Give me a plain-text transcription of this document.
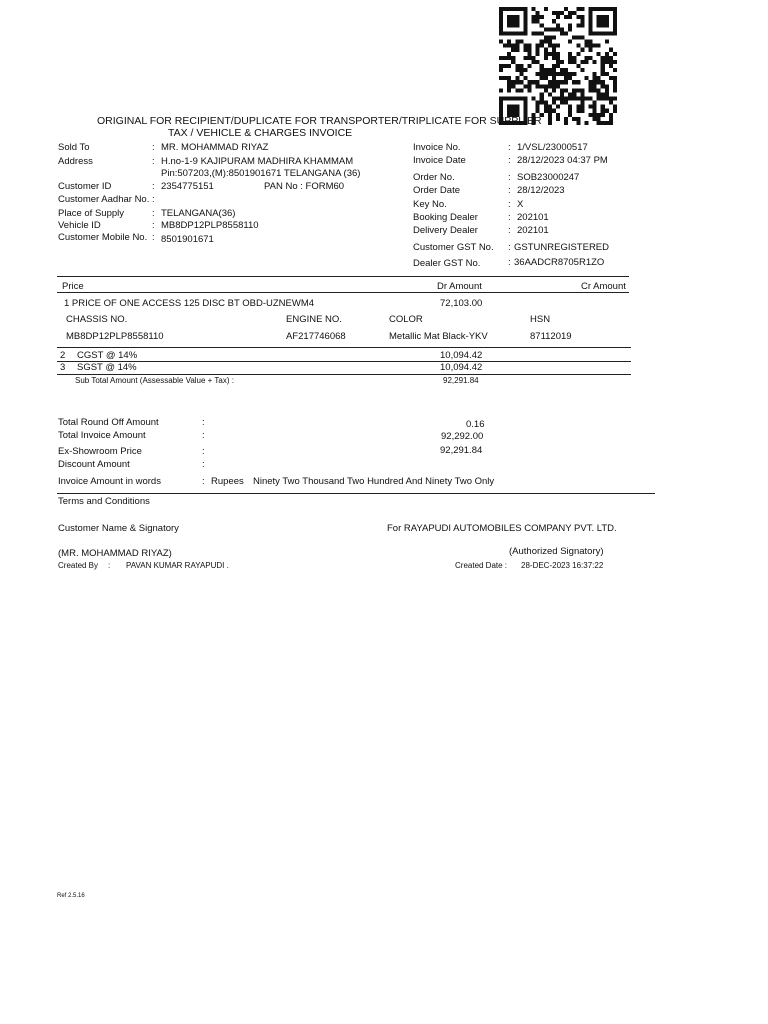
ORIGINAL FOR RECIPIENT/DUPLICATE FOR TRANSPORTER/TRIPLICATE FOR SUPPLIER
TAX / VEHICLE & CHARGES INVOICE
Sold To	: MR. MOHAMMAD RIYAZ
Address	: H.no-1-9 KAJIPURAM MADHIRA KHAMMAM
Pin:507203,(M):8501901671 TELANGANA (36)
Customer ID	: 2354775151	PAN No : FORM60
Customer Aadhar No. :
Place of Supply	: TELANGANA(36)
Vehicle ID	: MB8DP12PLP8558110
Customer Mobile No. : 8501901671
Invoice No.	: 1/VSL/23000517
Invoice Date	: 28/12/2023 04:37 PM
Order No.	: SOB23000247
Order Date	: 28/12/2023
Key No.	: X
Booking Dealer	: 202101
Delivery Dealer	: 202101
Customer GST No. : GSTUNREGISTERED
Dealer GST No.	: 36AADCR8705R1ZO
Price	Dr Amount	Cr Amount
1 PRICE OF ONE ACCESS 125 DISC BT OBD-UZNEWM4	72,103.00
CHASSIS NO.	ENGINE NO.	COLOR	HSN
MB8DP12PLP8558110	AF217746068	Metallic Mat Black-YKV	87112019
2 CGST @ 14%	10,094.42
3 SGST @ 14%	10,094.42
Sub Total Amount (Assessable Value + Tax) :	92,291.84
Total Round Off Amount	:	0.16
Total Invoice Amount	:	92,292.00
Ex-Showroom Price	:	92,291.84
Discount Amount	:
Invoice Amount in words	: Rupees Ninety Two Thousand Two Hundred And Ninety Two Only
Terms and Conditions
Customer Name & Signatory	For RAYAPUDI AUTOMOBILES COMPANY PVT. LTD.
(MR. MOHAMMAD RIYAZ)	(Authorized Signatory)
Created By : PAVAN KUMAR RAYAPUDI .	Created Date : 28-DEC-2023 16:37:22
Ref 2.5.16
